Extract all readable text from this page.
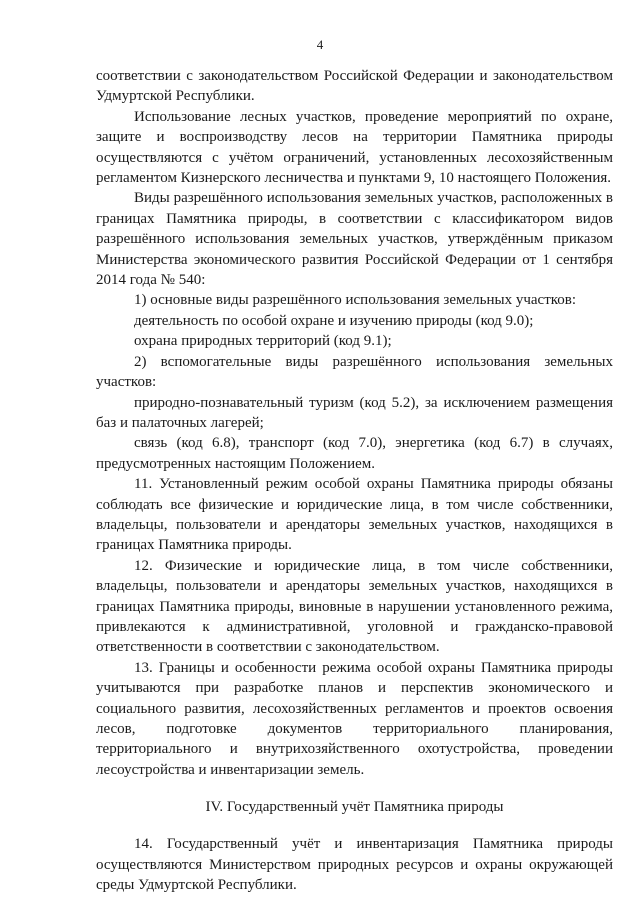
4

соответствии с законодательством Российской Федерации и законодательством Удмуртской Республики.

Использование лесных участков, проведение мероприятий по охране, защите и воспроизводству лесов на территории Памятника природы осуществляются с учётом ограничений, установленных лесохозяйственным регламентом Кизнерского лесничества и пунктами 9, 10 настоящего Положения.

Виды разрешённого использования земельных участков, расположенных в границах Памятника природы, в соответствии с классификатором видов разрешённого использования земельных участков, утверждённым приказом Министерства экономического развития Российской Федерации от 1 сентября 2014 года № 540:

1) основные виды разрешённого использования земельных участков:

деятельность по особой охране и изучению природы (код 9.0);

охрана природных территорий (код 9.1);

2) вспомогательные виды разрешённого использования земельных участков:

природно-познавательный туризм (код 5.2), за исключением размещения баз и палаточных лагерей;

связь (код 6.8), транспорт (код 7.0), энергетика (код 6.7) в случаях, предусмотренных настоящим Положением.

11. Установленный режим особой охраны Памятника природы обязаны соблюдать все физические и юридические лица, в том числе собственники, владельцы, пользователи и арендаторы земельных участков, находящихся в границах Памятника природы.

12. Физические и юридические лица, в том числе собственники, владельцы, пользователи и арендаторы земельных участков, находящихся в границах Памятника природы, виновные в нарушении установленного режима, привлекаются к административной, уголовной и гражданско-правовой ответственности в соответствии с законодательством.

13. Границы и особенности режима особой охраны Памятника природы учитываются при разработке планов и перспектив экономического и социального развития, лесохозяйственных регламентов и проектов освоения лесов, подготовке документов территориального планирования, территориального и внутрихозяйственного охотустройства, проведении лесоустройства и инвентаризации земель.

IV. Государственный учёт Памятника природы

14. Государственный учёт и инвентаризация Памятника природы осуществляются Министерством природных ресурсов и охраны окружающей среды Удмуртской Республики.
